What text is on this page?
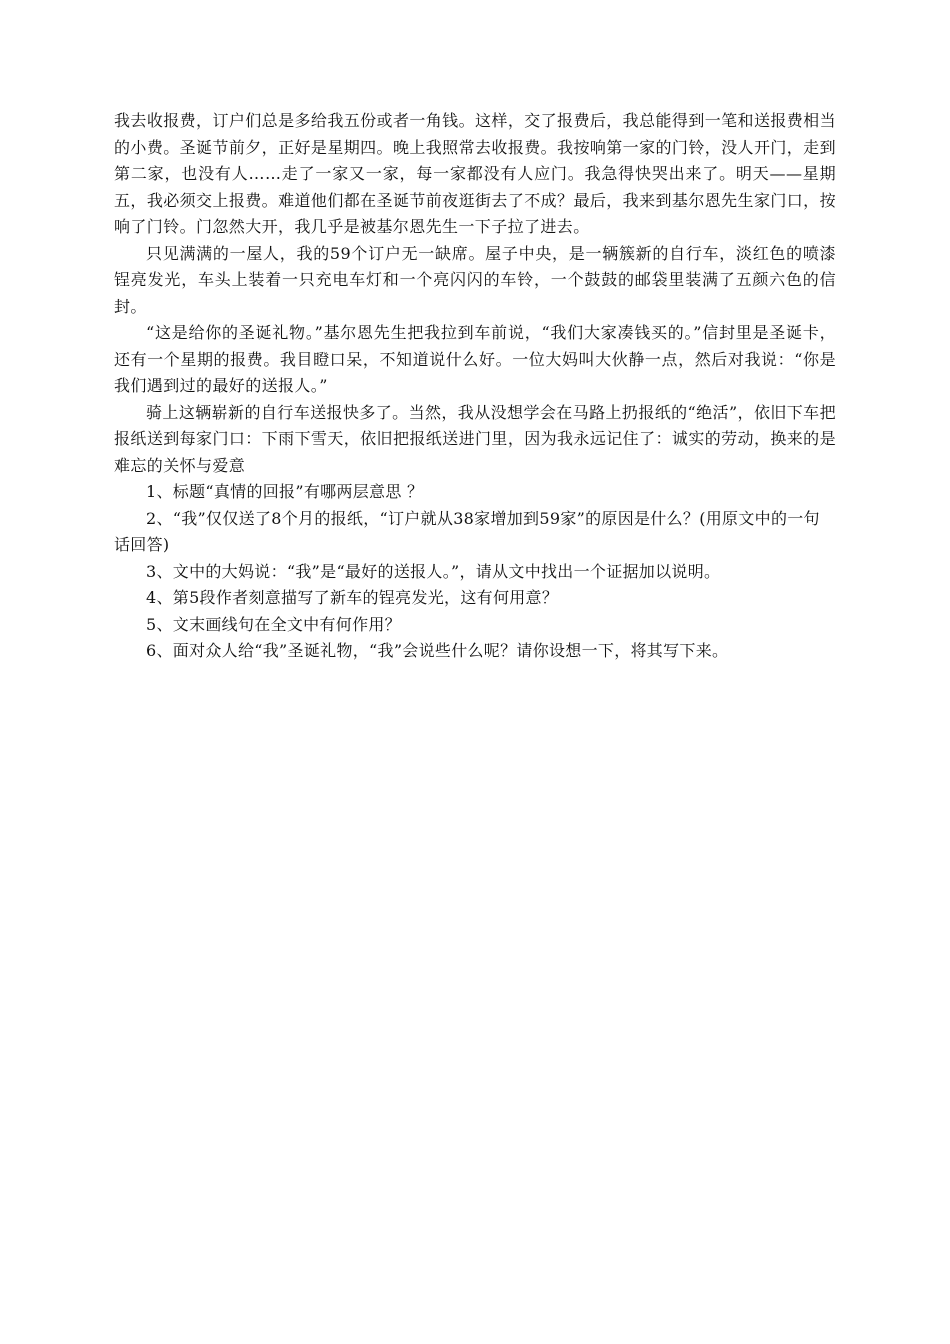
我去收报费，订户们总是多给我五份或者一角钱。这样，交了报费后，我总能得到一笔和送报费相当的小费。圣诞节前夕，正好是星期四。晚上我照常去收报费。我按响第一家的门铃，没人开门，走到第二家，也没有人……走了一家又一家，每一家都没有人应门。我急得快哭出来了。明天——星期五，我必须交上报费。难道他们都在圣诞节前夜逛街去了不成？最后，我来到基尔恩先生家门口，按响了门铃。门忽然大开，我几乎是被基尔恩先生一下子拉了进去。

只见满满的一屋人，我的59个订户无一缺席。屋子中央，是一辆簇新的自行车，淡红色的喷漆锃亮发光，车头上装着一只充电车灯和一个亮闪闪的车铃，一个鼓鼓的邮袋里装满了五颜六色的信封。

“这是给你的圣诞礼物。”基尔恩先生把我拉到车前说，“我们大家凑钱买的。”信封里是圣诞卡，还有一个星期的报费。我目瞪口呆，不知道说什么好。一位大妈叫大伙静一点，然后对我说：“你是我们遇到过的最好的送报人。”

骑上这辆崭新的自行车送报快多了。当然，我从没想学会在马路上扔报纸的“绝活”，依旧下车把报纸送到每家门口：下雨下雪天，依旧把报纸送进门里，因为我永远记住了：诚实的劳动，换来的是难忘的关怀与爱意

1、标题“真情的回报”有哪两层意思 ？

2、“我”仅仅送了8个月的报纸，“订户就从38家增加到59家”的原因是什么？(用原文中的一句话回答)

3、文中的大妈说：“我”是“最好的送报人。”，请从文中找出一个证据加以说明。

4、第5段作者刻意描写了新车的锃亮发光，这有何用意？

5、文末画线句在全文中有何作用？

6、面对众人给“我”圣诞礼物，“我”会说些什么呢？请你设想一下，将其写下来。
